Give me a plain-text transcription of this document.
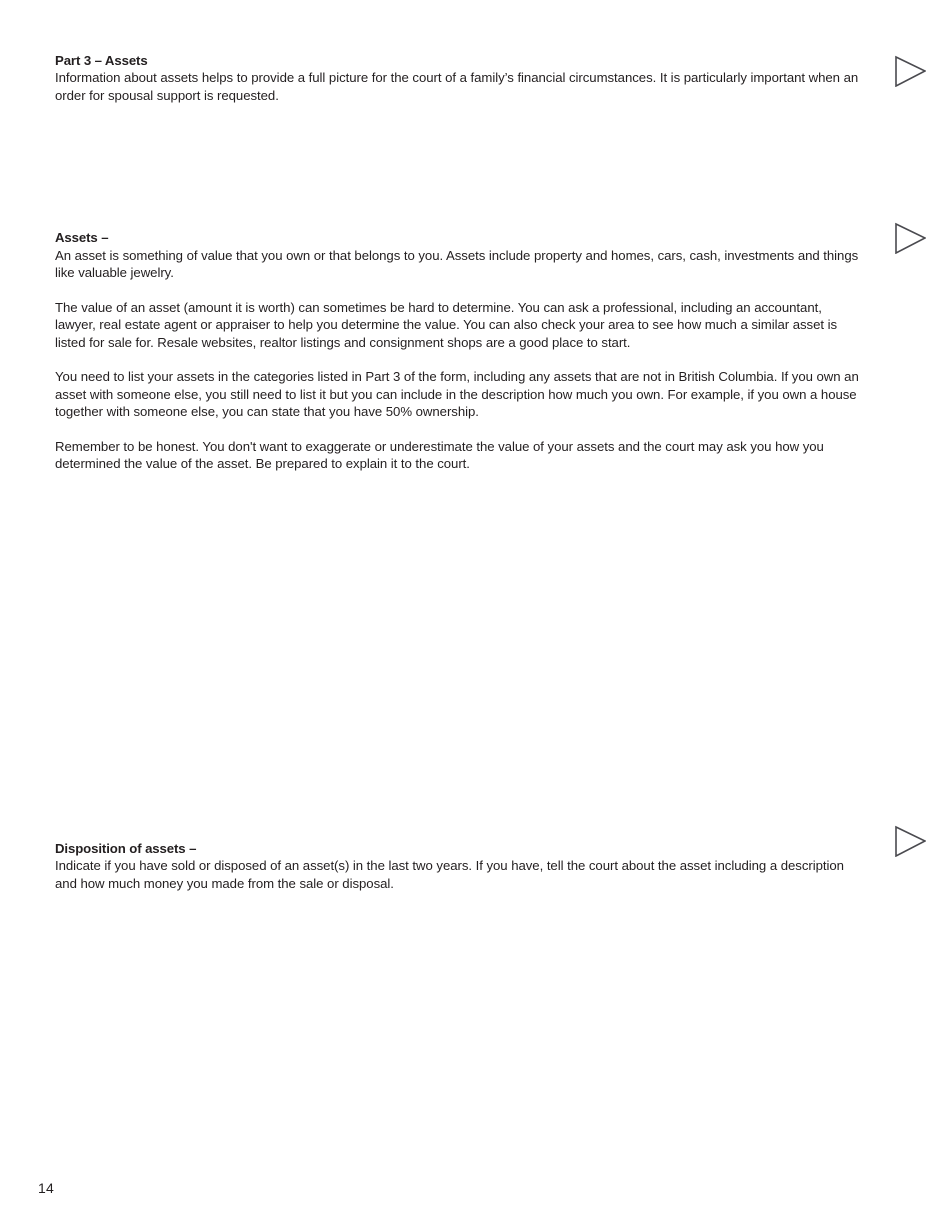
Part 3 – Assets

Information about assets helps to provide a full picture for the court of a family’s financial circumstances. It is particularly important when an order for spousal support is requested.

Assets –

An asset is something of value that you own or that belongs to you. Assets include property and homes, cars, cash, investments and things like valuable jewelry.

The value of an asset (amount it is worth) can sometimes be hard to determine. You can ask a professional, including an accountant, lawyer, real estate agent or appraiser to help you determine the value. You can also check your area to see how much a similar asset is listed for sale for. Resale websites, realtor listings and consignment shops are a good place to start.

You need to list your assets in the categories listed in Part 3 of the form, including any assets that are not in British Columbia. If you own an asset with someone else, you still need to list it but you can include in the description how much you own. For example, if you own a house together with someone else, you can state that you have 50% ownership.

Remember to be honest. You don't want to exaggerate or underestimate the value of your assets and the court may ask you how you determined the value of the asset. Be prepared to explain it to the court.

Disposition of assets –

Indicate if you have sold or disposed of an asset(s) in the last two years. If you have, tell the court about the asset including a description and how much money you made from the sale or disposal.

14
